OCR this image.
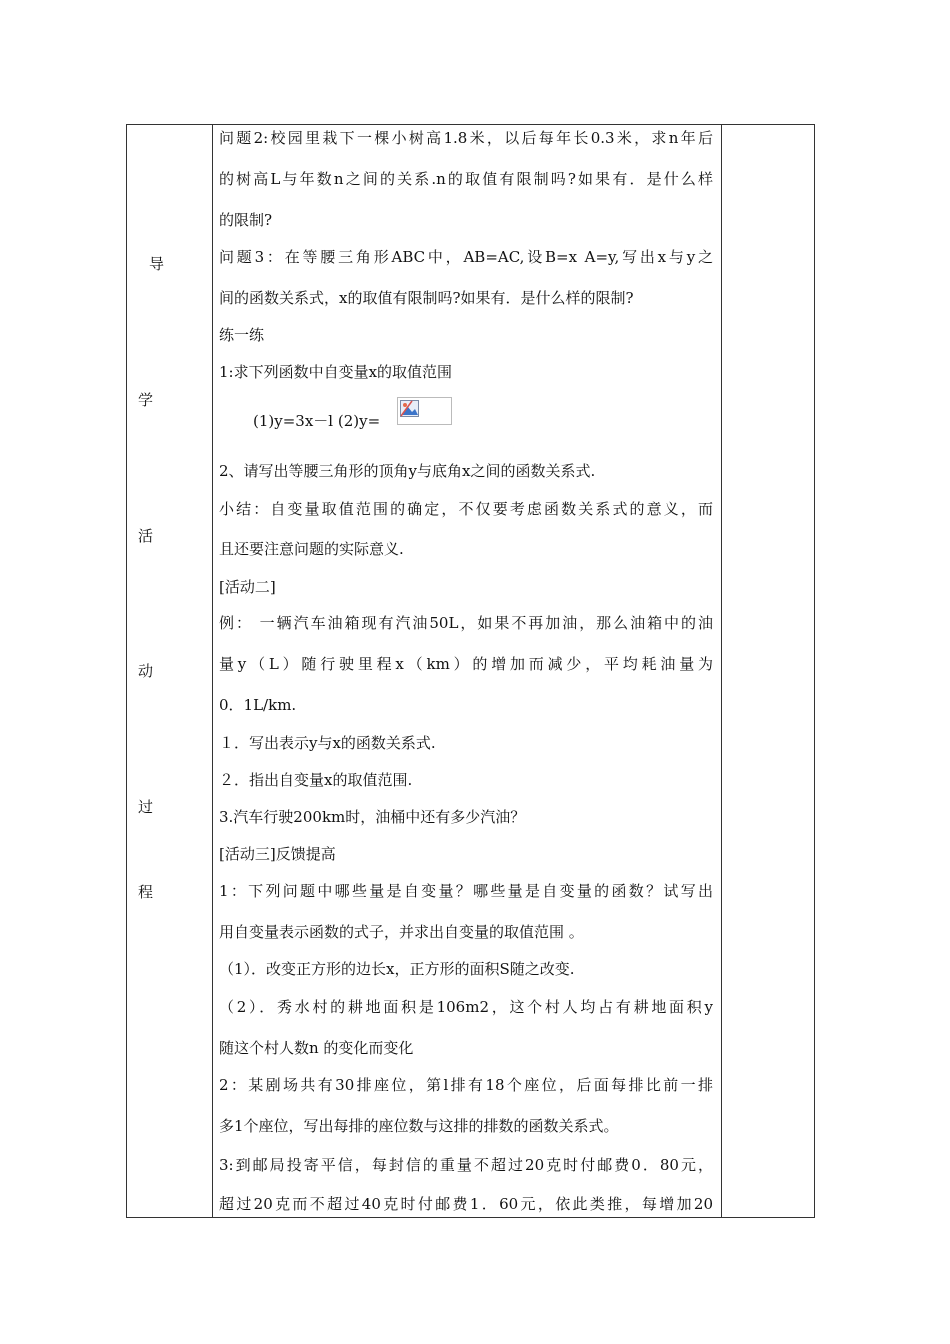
导
学
活
动
过
程
问题2:校园里栽下一棵小树高1.8米，以后每年长0.3米，求n年后
的树高L与年数n之间的关系.n的取值有限制吗?如果有．是什么样
的限制?
问题3：在等腰三角形ABC中，AB=AC,设B=x A=y,写出x与y之
间的函数关系式，x的取值有限制吗?如果有．是什么样的限制?
练一练
1:求下列函数中自变量x的取值范围
(1)y=3x－l (2)y=
2、请写出等腰三角形的顶角y与底角x之间的函数关系式.
小结：自变量取值范围的确定，不仅要考虑函数关系式的意义，而
且还要注意问题的实际意义.
[活动二]
例： 一辆汽车油箱现有汽油50L，如果不再加油，那么油箱中的油
量y（L）随行驶里程x（km）的增加而减少，平均耗油量为
0．1L/km.
１．写出表示y与x的函数关系式.
２．指出自变量x的取值范围.
3.汽车行驶200km时，油桶中还有多少汽油？
[活动三]反馈提高
1：下列问题中哪些量是自变量？哪些量是自变量的函数？试写出
用自变量表示函数的式子，并求出自变量的取值范围 。
（1）．改变正方形的边长x，正方形的面积S随之改变.
（2）．秀水村的耕地面积是106m2，这个村人均占有耕地面积y
随这个村人数n 的变化而变化
2：某剧场共有30排座位，第l排有18个座位，后面每排比前一排
多1个座位，写出每排的座位数与这排的排数的函数关系式。
3:到邮局投寄平信，每封信的重量不超过20克时付邮费0．80元，
超过20克而不超过40克时付邮费1．60元，依此类推，每增加20
